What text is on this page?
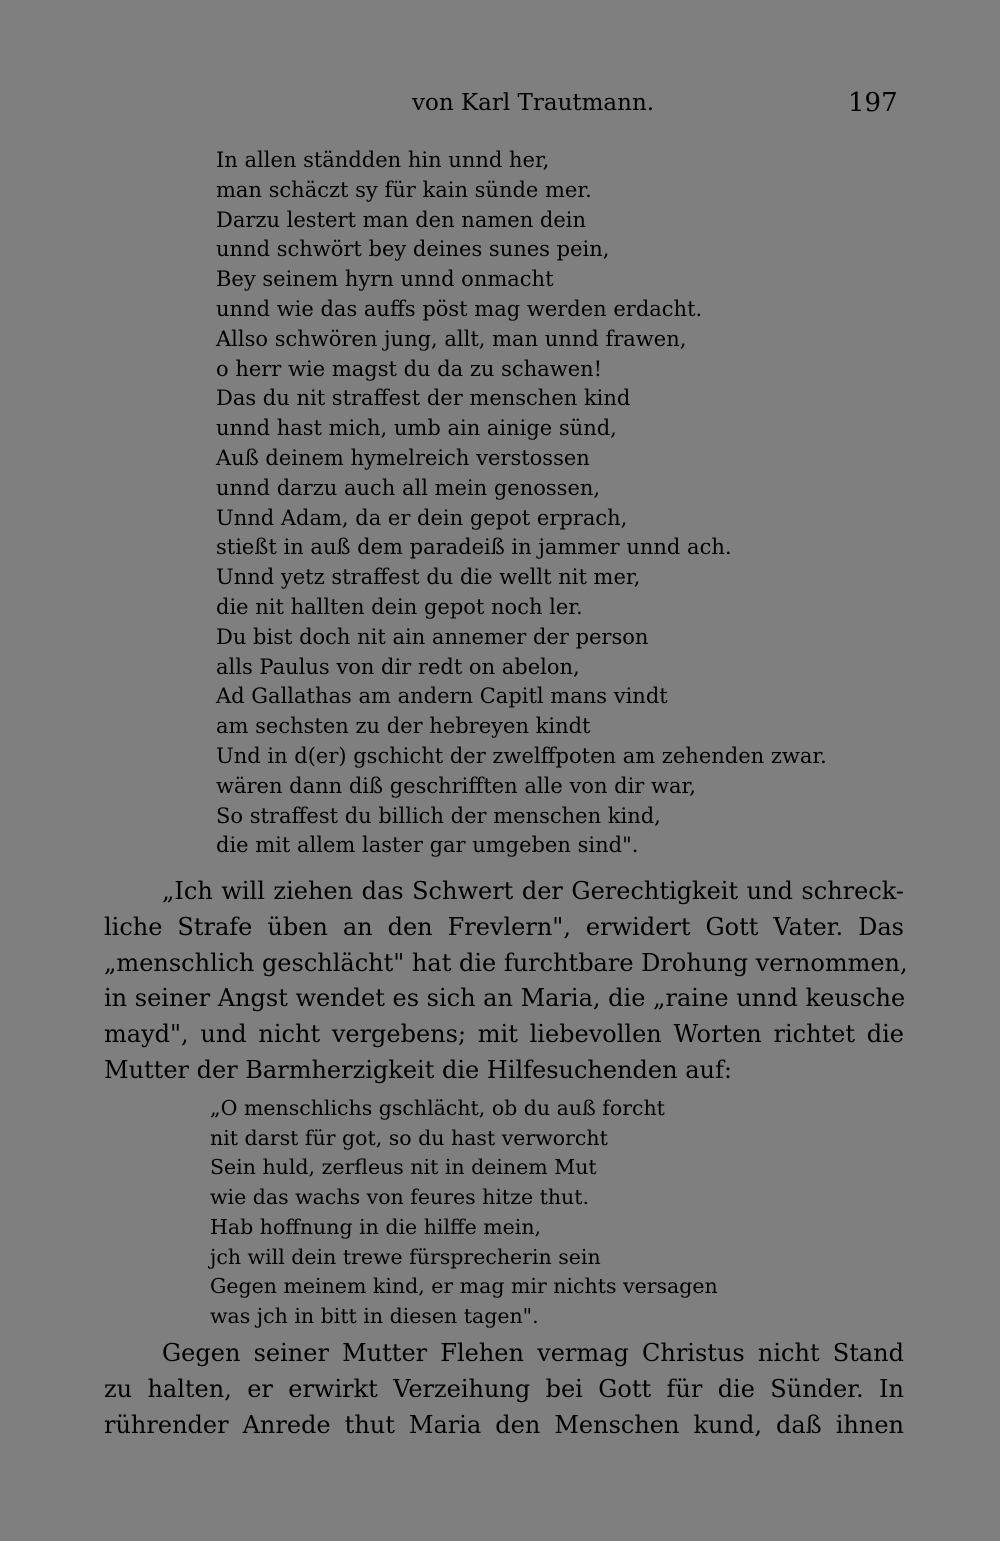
von Karl Trautmann.	197
In allen ständden hin unnd her,
man schäczt sy für kain sünde mer.
Darzu lestert man den namen dein
unnd schwört bey deines sunes pein,
Bey seinem hyrn unnd onmacht
unnd wie das auffs pöst mag werden erdacht.
Allso schwören jung, allt, man unnd frawen,
o herr wie magst du da zu schawen!
Das du nit straffest der menschen kind
unnd hast mich, umb ain ainige sünd,
Auß deinem hymelreich verstossen
unnd darzu auch all mein genossen,
Unnd Adam, da er dein gepot erprach,
stießt in auß dem paradeiß in jammer unnd ach.
Unnd yetz straffest du die wellt nit mer,
die nit hallten dein gepot noch ler.
Du bist doch nit ain annemer der person
alls Paulus von dir redt on abelon,
Ad Gallathas am andern Capitl mans vindt
am sechsten zu der hebreyen kindt
Und in d(er) gschicht der zwelffpoten am zehenden zwar.
wären dann diß geschrifften alle von dir war,
So straffest du billich der menschen kind,
die mit allem laster gar umgeben sind".
„Ich will ziehen das Schwert der Gerechtigkeit und schreck-
liche Strafe üben an den Frevlern", erwidert Gott Vater. Das
„menschlich geschlächt" hat die furchtbare Drohung vernommen,
in seiner Angst wendet es sich an Maria, die „raine unnd keusche
mayd", und nicht vergebens; mit liebevollen Worten richtet die
Mutter der Barmherzigkeit die Hilfesuchenden auf:
„O menschlichs gschlächt, ob du auß forcht
nit darst für got, so du hast verworcht
Sein huld, zerfleus nit in deinem Mut
wie das wachs von feures hitze thut.
Hab hoffnung in die hilffe mein,
jch will dein trewe fürsprecherin sein
Gegen meinem kind, er mag mir nichts versagen
was jch in bitt in diesen tagen".
Gegen seiner Mutter Flehen vermag Christus nicht Stand
zu halten, er erwirkt Verzeihung bei Gott für die Sünder. In
rührender Anrede thut Maria den Menschen kund, daß ihnen
